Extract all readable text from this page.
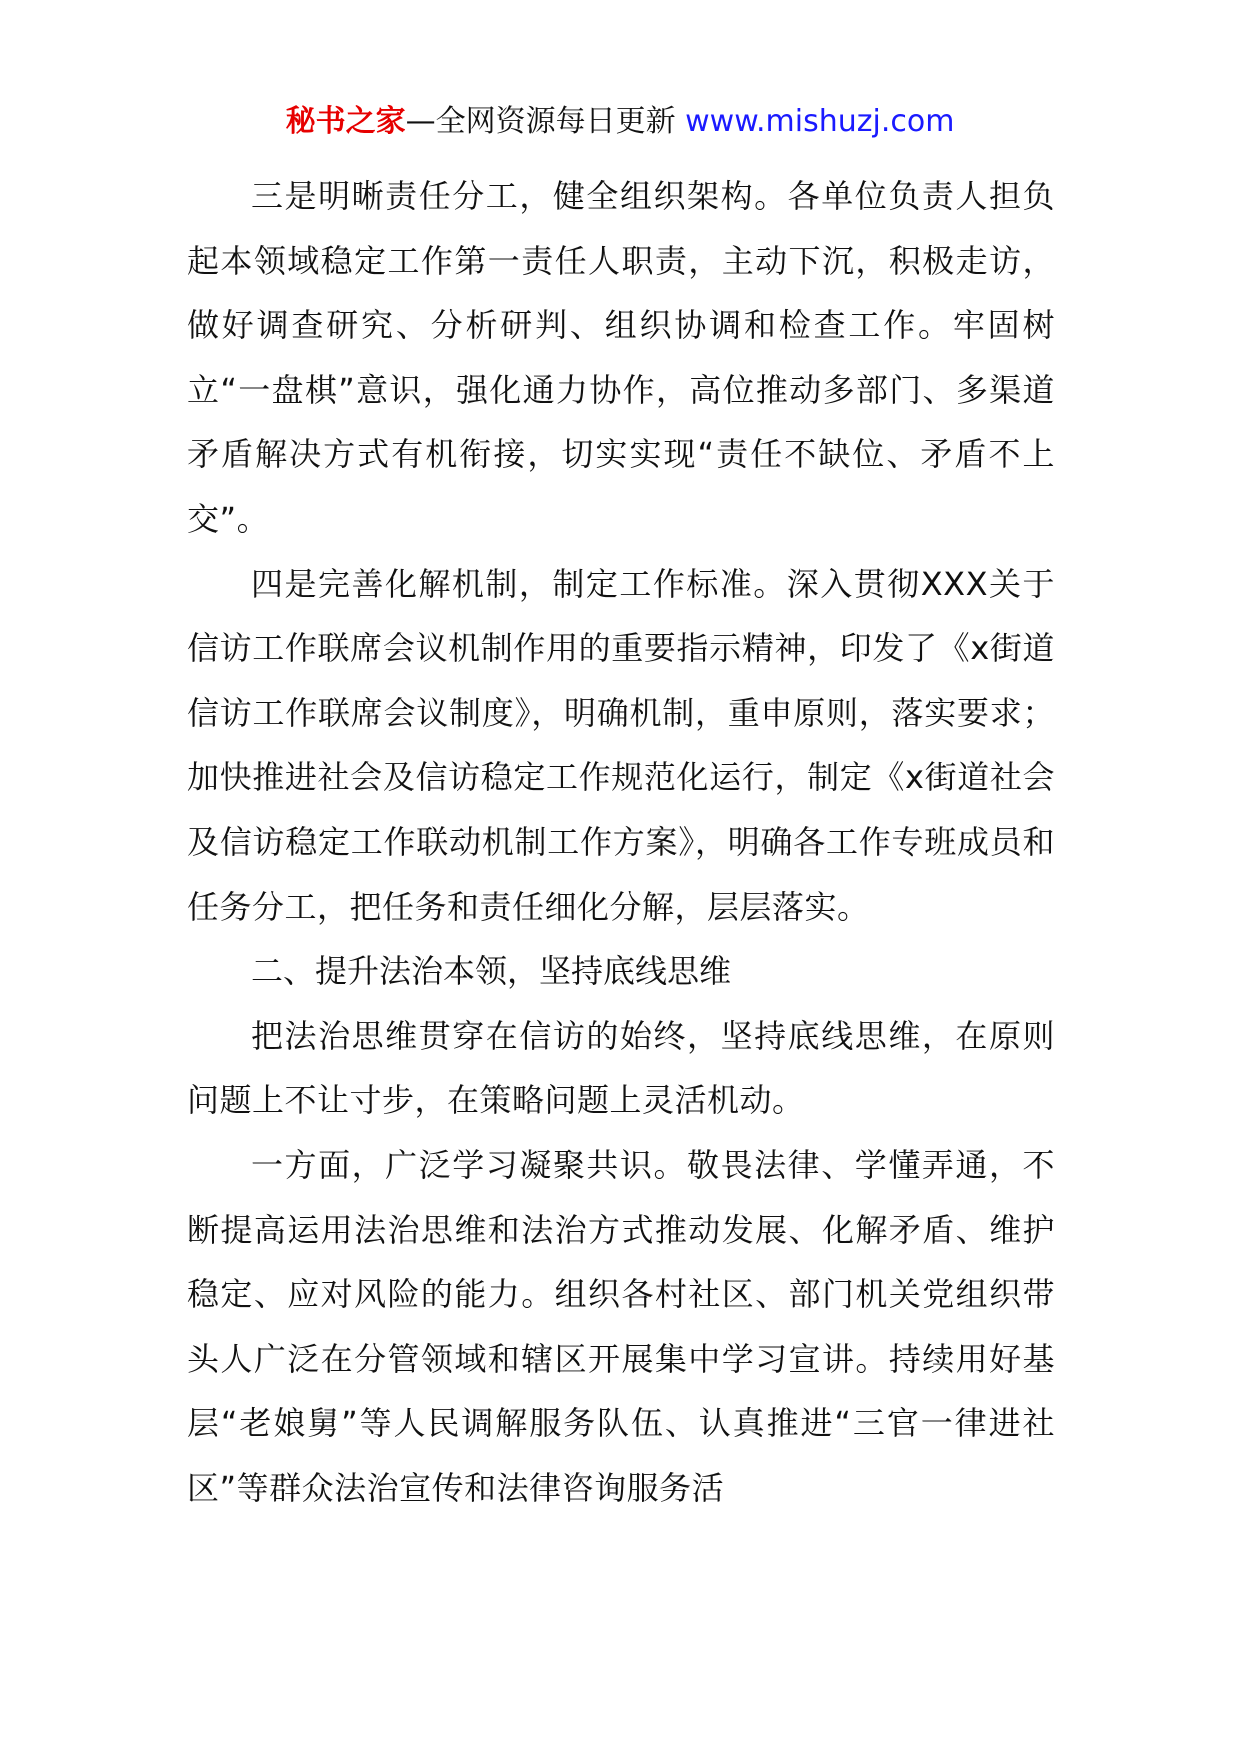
秘书之家—全网资源每日更新 www.mishuzj.com

三是明晰责任分工，健全组织架构。各单位负责人担负起本领域稳定工作第一责任人职责，主动下沉，积极走访，做好调查研究、分析研判、组织协调和检查工作。牢固树立“一盘棋”意识，强化通力协作，高位推动多部门、多渠道矛盾解决方式有机衔接，切实实现“责任不缺位、矛盾不上交”。

四是完善化解机制，制定工作标准。深入贯彻XXX关于信访工作联席会议机制作用的重要指示精神，印发了《x街道信访工作联席会议制度》，明确机制，重申原则，落实要求；加快推进社会及信访稳定工作规范化运行，制定《x街道社会及信访稳定工作联动机制工作方案》，明确各工作专班成员和任务分工，把任务和责任细化分解，层层落实。

二、提升法治本领，坚持底线思维

把法治思维贯穿在信访的始终，坚持底线思维，在原则问题上不让寸步，在策略问题上灵活机动。

一方面，广泛学习凝聚共识。敬畏法律、学懂弄通，不断提高运用法治思维和法治方式推动发展、化解矛盾、维护稳定、应对风险的能力。组织各村社区、部门机关党组织带头人广泛在分管领域和辖区开展集中学习宣讲。持续用好基层“老娘舅”等人民调解服务队伍、认真推进“三官一律进社区”等群众法治宣传和法律咨询服务活
